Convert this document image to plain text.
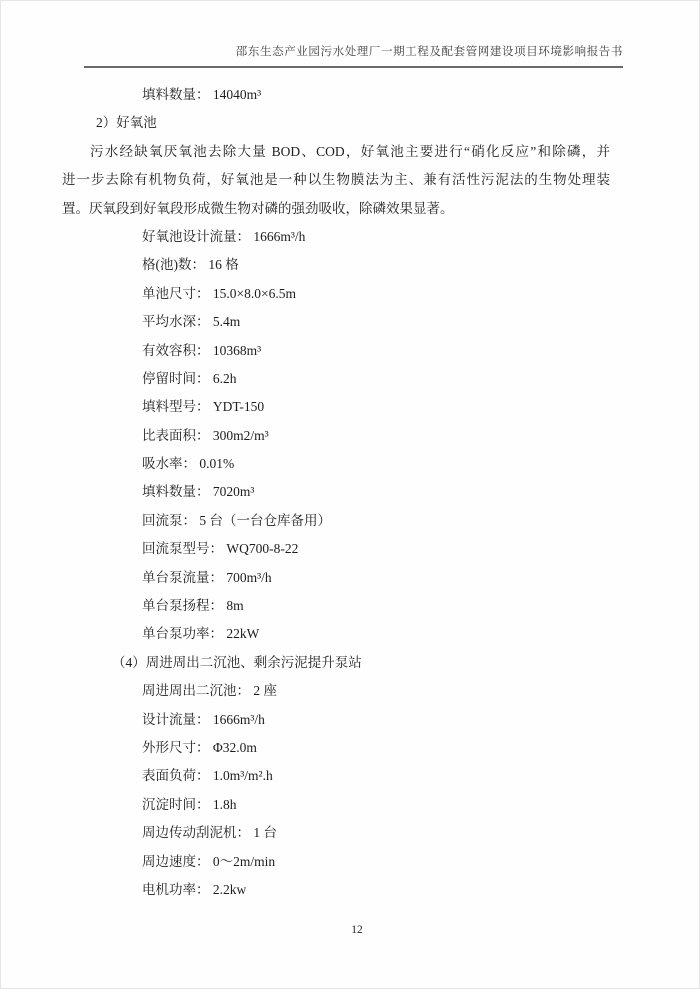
邵东生态产业园污水处理厂一期工程及配套管网建设项目环境影响报告书
填料数量： 14040m³
2）好氧池
污水经缺氧厌氧池去除大量 BOD、COD，好氧池主要进行“硝化反应”和除磷，并
进一步去除有机物负荷，好氧池是一种以生物膜法为主、兼有活性污泥法的生物处理装
置。厌氧段到好氧段形成微生物对磷的强劲吸收，除磷效果显著。
好氧池设计流量： 1666m³/h
格(池)数： 16 格
单池尺寸： 15.0×8.0×6.5m
平均水深： 5.4m
有效容积： 10368m³
停留时间： 6.2h
填料型号： YDT-150
比表面积： 300m2/m³
吸水率： 0.01%
填料数量： 7020m³
回流泵： 5 台（一台仓库备用）
回流泵型号： WQ700-8-22
单台泵流量： 700m³/h
单台泵扬程： 8m
单台泵功率： 22kW
（4）周进周出二沉池、剩余污泥提升泵站
周进周出二沉池： 2 座
设计流量： 1666m³/h
外形尺寸： Φ32.0m
表面负荷： 1.0m³/m².h
沉淀时间： 1.8h
周边传动刮泥机： 1 台
周边速度： 0～2m/min
电机功率： 2.2kw
12
